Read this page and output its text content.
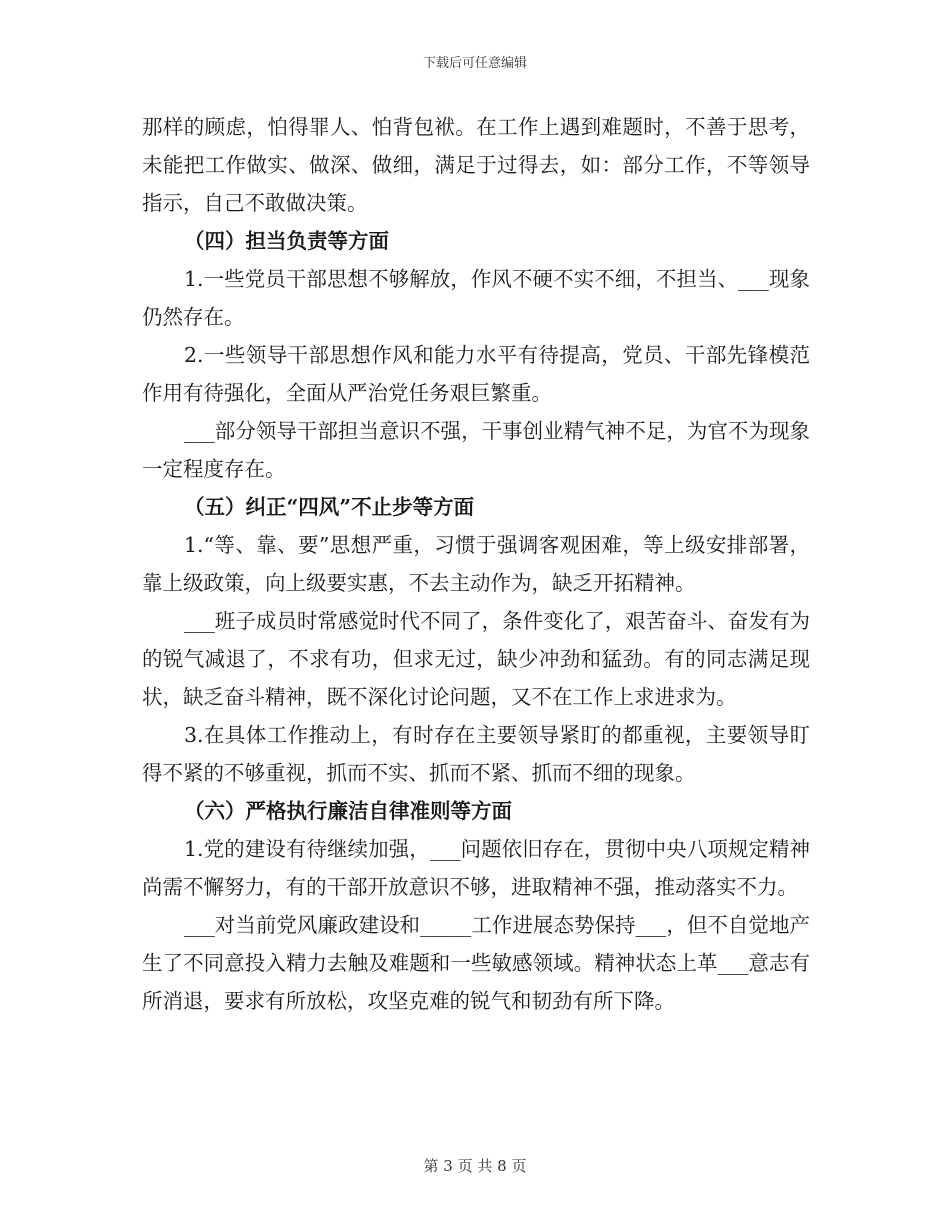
下载后可任意编辑

那样的顾虑，怕得罪人、怕背包袱。在工作上遇到难题时，不善于思考，未能把工作做实、做深、做细，满足于过得去，如：部分工作，不等领导指示，自己不敢做决策。

（四）担当负责等方面

1.一些党员干部思想不够解放，作风不硬不实不细，不担当、___现象仍然存在。

2.一些领导干部思想作风和能力水平有待提高，党员、干部先锋模范作用有待强化，全面从严治党任务艰巨繁重。

___部分领导干部担当意识不强，干事创业精气神不足，为官不为现象一定程度存在。

（五）纠正“四风”不止步等方面

1.“等、靠、要”思想严重，习惯于强调客观困难，等上级安排部署，靠上级政策，向上级要实惠，不去主动作为，缺乏开拓精神。

___班子成员时常感觉时代不同了，条件变化了，艰苦奋斗、奋发有为的锐气减退了，不求有功，但求无过，缺少冲劲和猛劲。有的同志满足现状，缺乏奋斗精神，既不深化讨论问题，又不在工作上求进求为。

3.在具体工作推动上，有时存在主要领导紧盯的都重视，主要领导盯得不紧的不够重视，抓而不实、抓而不紧、抓而不细的现象。

（六）严格执行廉洁自律准则等方面

1.党的建设有待继续加强，___问题依旧存在，贯彻中央八项规定精神尚需不懈努力，有的干部开放意识不够，进取精神不强，推动落实不力。

___对当前党风廉政建设和_____工作进展态势保持___，但不自觉地产生了不同意投入精力去触及难题和一些敏感领域。精神状态上革___意志有所消退，要求有所放松，攻坚克难的锐气和韧劲有所下降。

第 3 页 共 8 页
